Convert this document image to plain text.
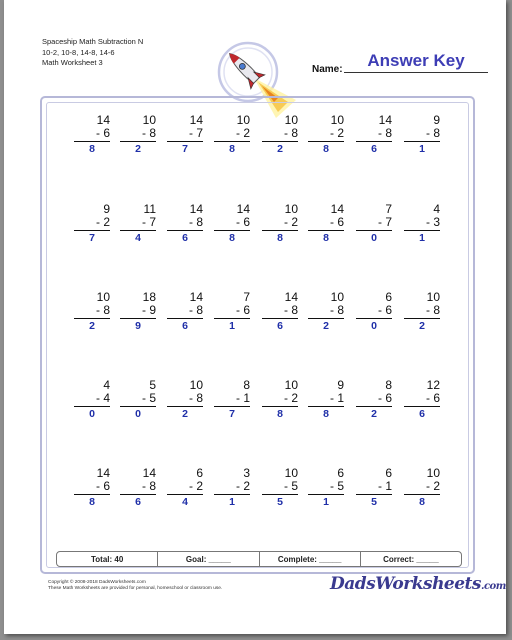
Spaceship Math Subtraction N
10-2, 10-8, 14-8, 14-6
Math Worksheet 3
Name:	Answer Key
14
- 6
8
10
- 8
2
14
- 7
7
10
- 2
8
10
- 8
2
10
- 2
8
14
- 8
6
9
- 8
1
9
- 2
7
11
- 7
4
14
- 8
6
14
- 6
8
10
- 2
8
14
- 6
8
7
- 7
0
4
- 3
1
10
- 8
2
18
- 9
9
14
- 8
6
7
- 6
1
14
- 8
6
10
- 8
2
6
- 6
0
10
- 8
2
4
- 4
0
5
- 5
0
10
- 8
2
8
- 1
7
10
- 2
8
9
- 1
8
8
- 6
2
12
- 6
6
14
- 6
8
14
- 8
6
6
- 2
4
3
- 2
1
10
- 5
5
6
- 5
1
6
- 1
5
10
- 2
8
Total: 40	Goal: _____	Complete: _____	Correct: _____
Copyright © 2008-2018 DadsWorksheets.com
These Math Worksheets are provided for personal, homeschool or classroom use.	DadsWorksheets.com
